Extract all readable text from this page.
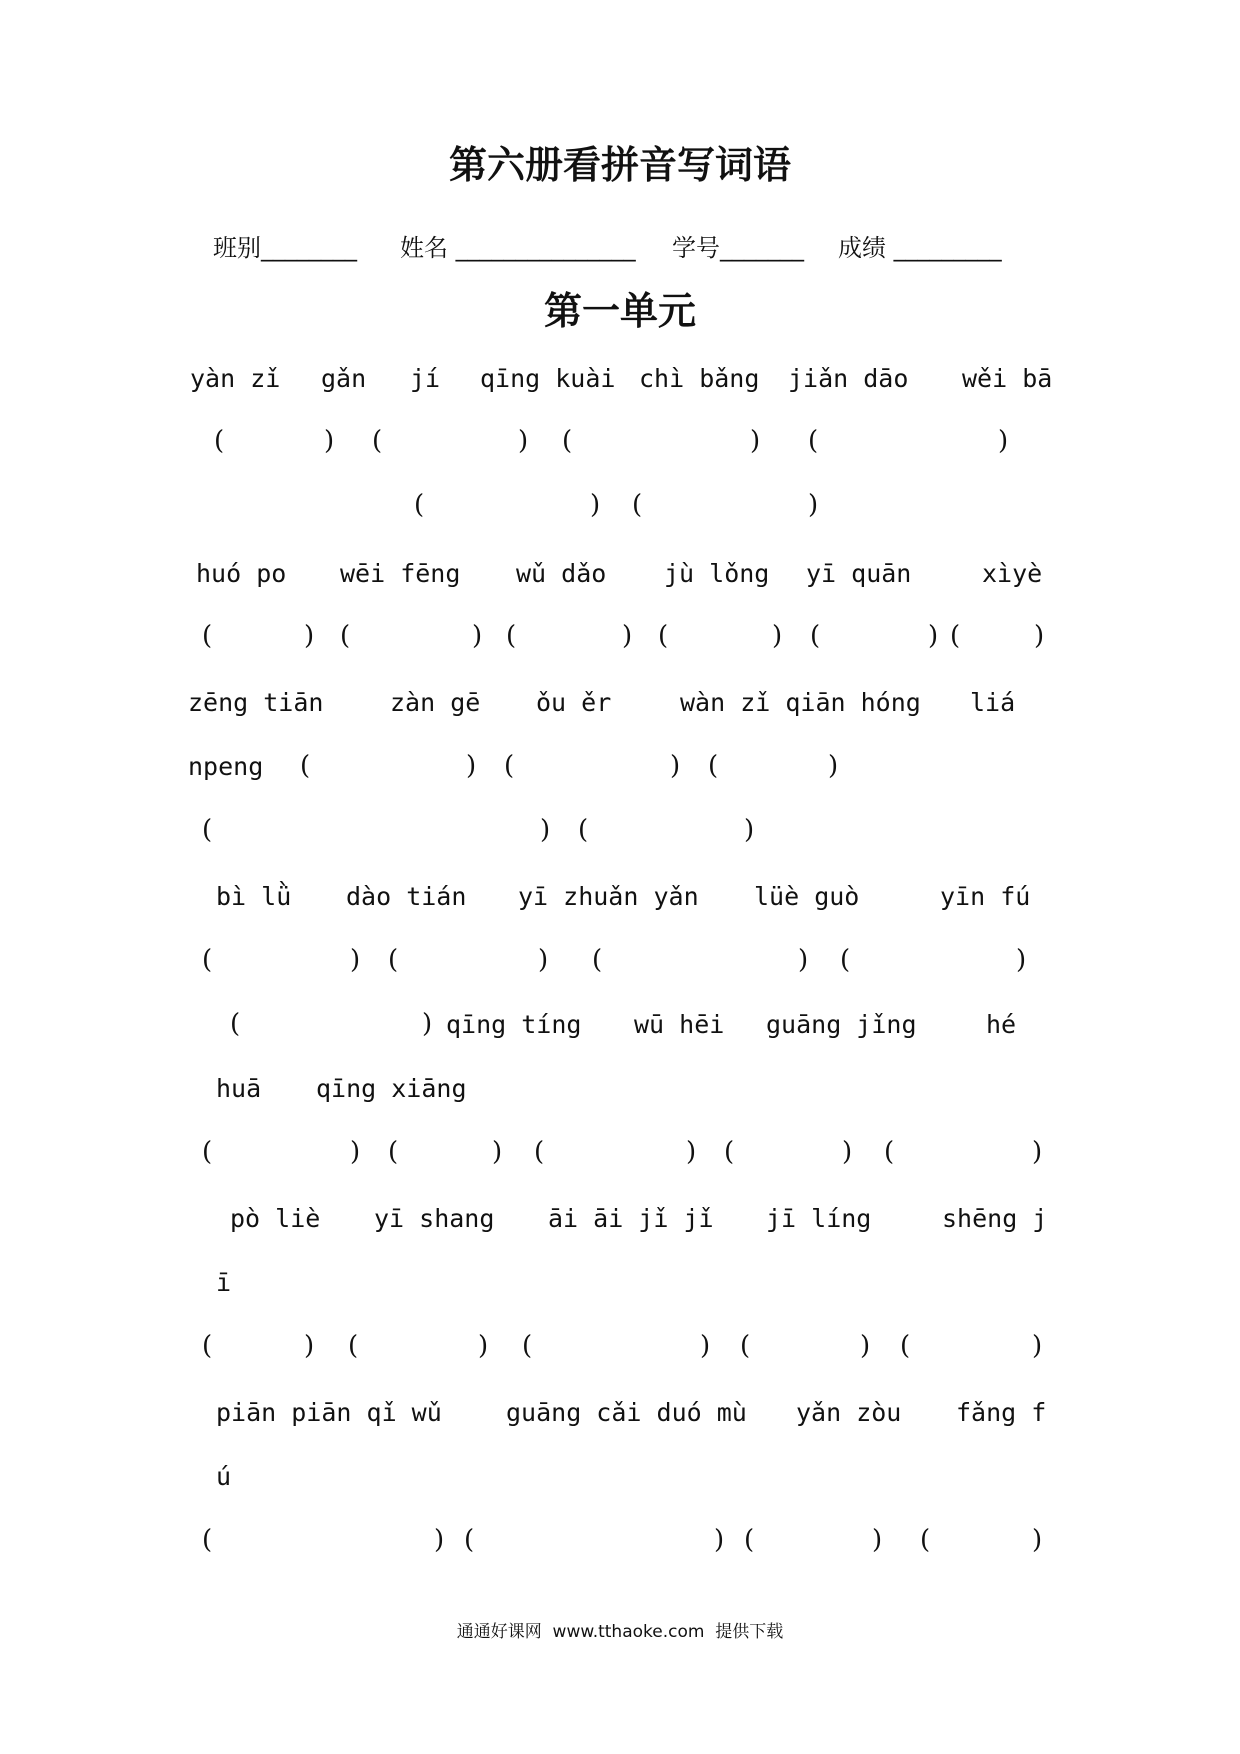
第六册看拼音写词语
班别________ 姓名 _______________ 学号_______ 成绩 _________
第一单元
yàn zǐ gǎn jí qīng kuài chì bǎng jiǎn dāo wěi bā
(	) (	) (	) (	)
(	) (	)
huó po wēi fēng wǔ dǎo jù lǒng yī quān	xìyè
(	) (	) (	) (	) (	) (	)
zēng tiān	zàn gē ǒu ěr	wàn zǐ qiān hóng liá
npeng (	) (	) (	)
(	) (	)
bì lǜ dào tián yī zhuǎn yǎn lüè guò	yīn fú
(	) (	) (	) (	)
(	) qīng tíng wū hēi guāng jǐng	hé
huā qīng xiāng
(	) (	) (	) (	) (	)
pò liè yī shang āi āi jǐ jǐ jī líng	shēng j
ī
(	) (	) (	) (	) (	)
piān piān qǐ wǔ	guāng cǎi duó mù yǎn zòu fǎng f
ú
(	) (	) (	) (	)
通通好课网  www.tthaoke.com  提供下载
